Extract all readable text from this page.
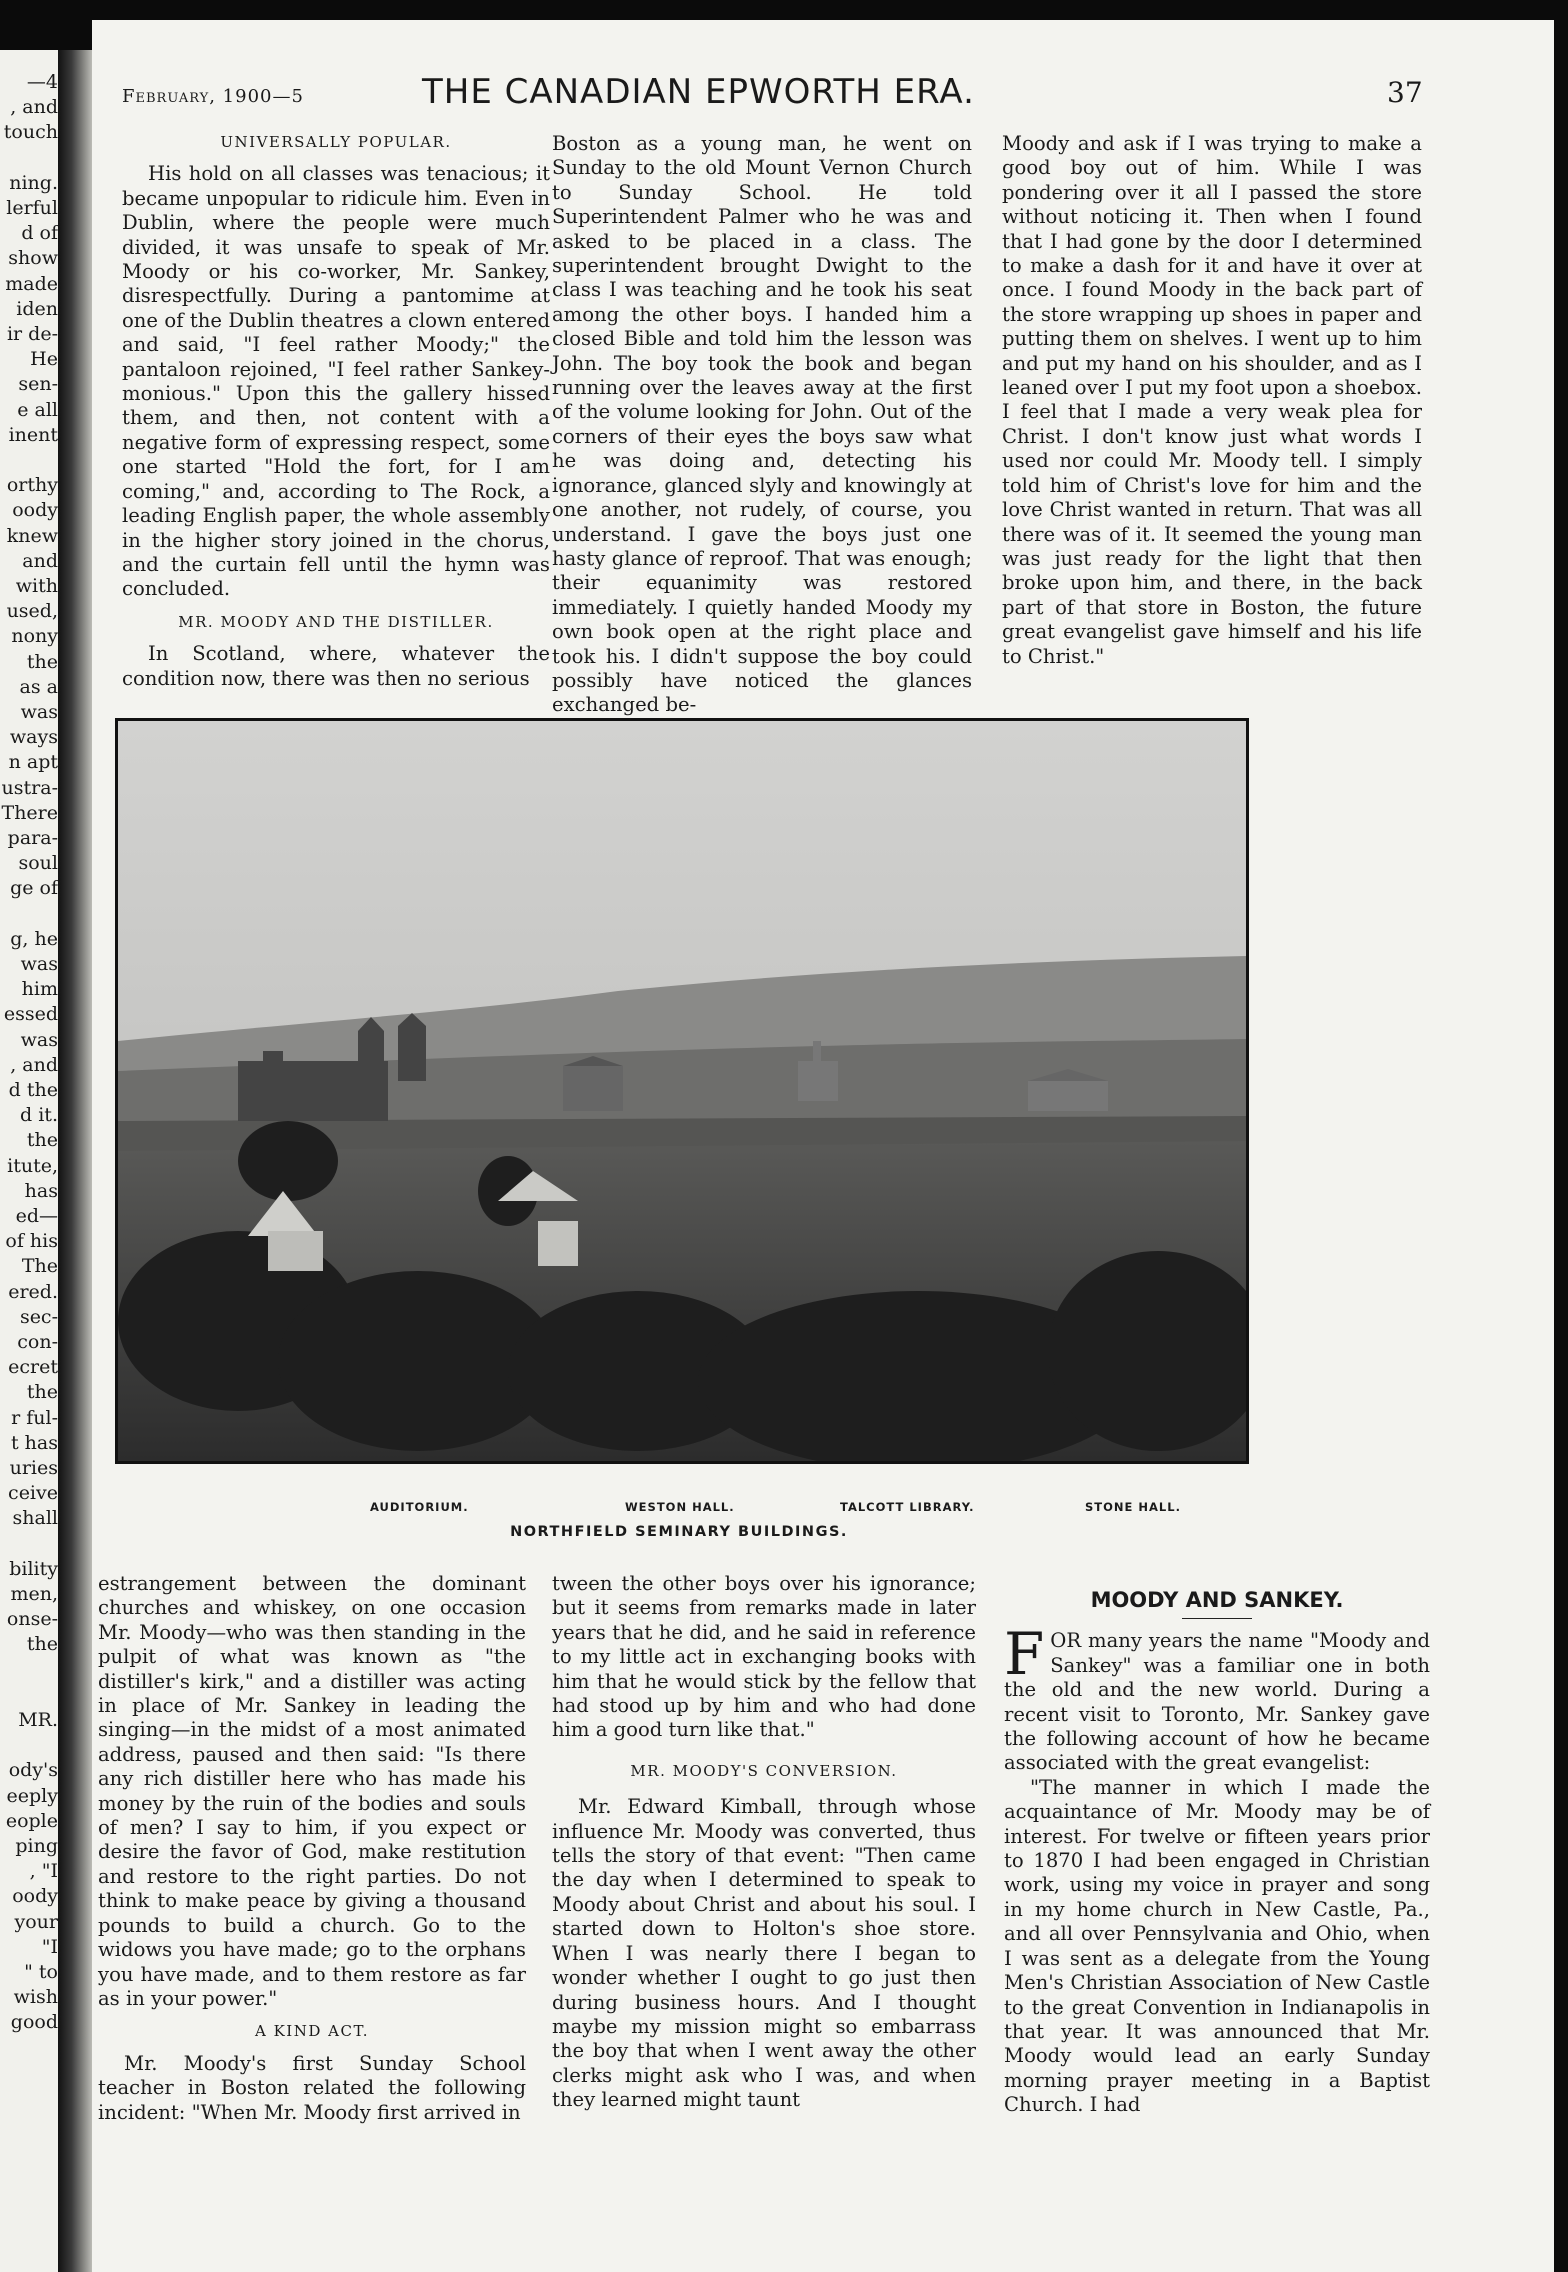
—4
, and
touch
ning.
lerful
d of
show
made
iden
ir de-
He
sen-
e all
inent
orthy
oody
knew
and
with
used,
nony
the
as a
was
ways
n apt
ustra-
There
para-
soul
ge of
g, he
was
him
essed
was
, and
d the
d it.
the
itute,
has
ed—
of his
The
ered.
sec-
con-
ecret
the
r ful-
t has
uries
ceive
shall
bility
men,
onse-
the
MR.
ody's
eeply
eople
ping
, "I
oody
your
"I
" to
wish
good
February, 1900—5	THE CANADIAN EPWORTH ERA.	37
UNIVERSALLY POPULAR.

His hold on all classes was tenacious; it became unpopular to ridicule him. Even in Dublin, where the people were much divided, it was unsafe to speak of Mr. Moody or his co-worker, Mr. Sankey, disrespectfully. During a pantomime at one of the Dublin theatres a clown entered and said, "I feel rather Moody;" the pantaloon rejoined, "I feel rather Sankey-monious." Upon this the gallery hissed them, and then, not content with a negative form of expressing respect, some one started "Hold the fort, for I am coming," and, according to The Rock, a leading English paper, the whole assembly in the higher story joined in the chorus, and the curtain fell until the hymn was concluded.

MR. MOODY AND THE DISTILLER.

In Scotland, where, whatever the condition now, there was then no serious

Boston as a young man, he went on Sunday to the old Mount Vernon Church to Sunday School. He told Superintendent Palmer who he was and asked to be placed in a class. The superintendent brought Dwight to the class I was teaching and he took his seat among the other boys. I handed him a closed Bible and told him the lesson was John. The boy took the book and began running over the leaves away at the first of the volume looking for John. Out of the corners of their eyes the boys saw what he was doing and, detecting his ignorance, glanced slyly and knowingly at one another, not rudely, of course, you understand. I gave the boys just one hasty glance of reproof. That was enough; their equanimity was restored immediately. I quietly handed Moody my own book open at the right place and took his. I didn't suppose the boy could possibly have noticed the glances exchanged be-

Moody and ask if I was trying to make a good boy out of him. While I was pondering over it all I passed the store without noticing it. Then when I found that I had gone by the door I determined to make a dash for it and have it over at once. I found Moody in the back part of the store wrapping up shoes in paper and putting them on shelves. I went up to him and put my hand on his shoulder, and as I leaned over I put my foot upon a shoebox. I feel that I made a very weak plea for Christ. I don't know just what words I used nor could Mr. Moody tell. I simply told him of Christ's love for him and the love Christ wanted in return. That was all there was of it. It seemed the young man was just ready for the light that then broke upon him, and there, in the back part of that store in Boston, the future great evangelist gave himself and his life to Christ."

AUDITORIUM.	WESTON HALL.	TALCOTT LIBRARY.	STONE HALL.
NORTHFIELD SEMINARY BUILDINGS.

estrangement between the dominant churches and whiskey, on one occasion Mr. Moody—who was then standing in the pulpit of what was known as "the distiller's kirk," and a distiller was acting in place of Mr. Sankey in leading the singing—in the midst of a most animated address, paused and then said: "Is there any rich distiller here who has made his money by the ruin of the bodies and souls of men? I say to him, if you expect or desire the favor of God, make restitution and restore to the right parties. Do not think to make peace by giving a thousand pounds to build a church. Go to the widows you have made; go to the orphans you have made, and to them restore as far as in your power."

A KIND ACT.

Mr. Moody's first Sunday School teacher in Boston related the following incident: "When Mr. Moody first arrived in

tween the other boys over his ignorance; but it seems from remarks made in later years that he did, and he said in reference to my little act in exchanging books with him that he would stick by the fellow that had stood up by him and who had done him a good turn like that."

MR. MOODY'S CONVERSION.

Mr. Edward Kimball, through whose influence Mr. Moody was converted, thus tells the story of that event: "Then came the day when I determined to speak to Moody about Christ and about his soul. I started down to Holton's shoe store. When I was nearly there I began to wonder whether I ought to go just then during business hours. And I thought maybe my mission might so embarrass the boy that when I went away the other clerks might ask who I was, and when they learned might taunt

MOODY AND SANKEY.

FOR many years the name "Moody and Sankey" was a familiar one in both the old and the new world. During a recent visit to Toronto, Mr. Sankey gave the following account of how he became associated with the great evangelist:

"The manner in which I made the acquaintance of Mr. Moody may be of interest. For twelve or fifteen years prior to 1870 I had been engaged in Christian work, using my voice in prayer and song in my home church in New Castle, Pa., and all over Pennsylvania and Ohio, when I was sent as a delegate from the Young Men's Christian Association of New Castle to the great Convention in Indianapolis in that year. It was announced that Mr. Moody would lead an early Sunday morning prayer meeting in a Baptist Church. I had
